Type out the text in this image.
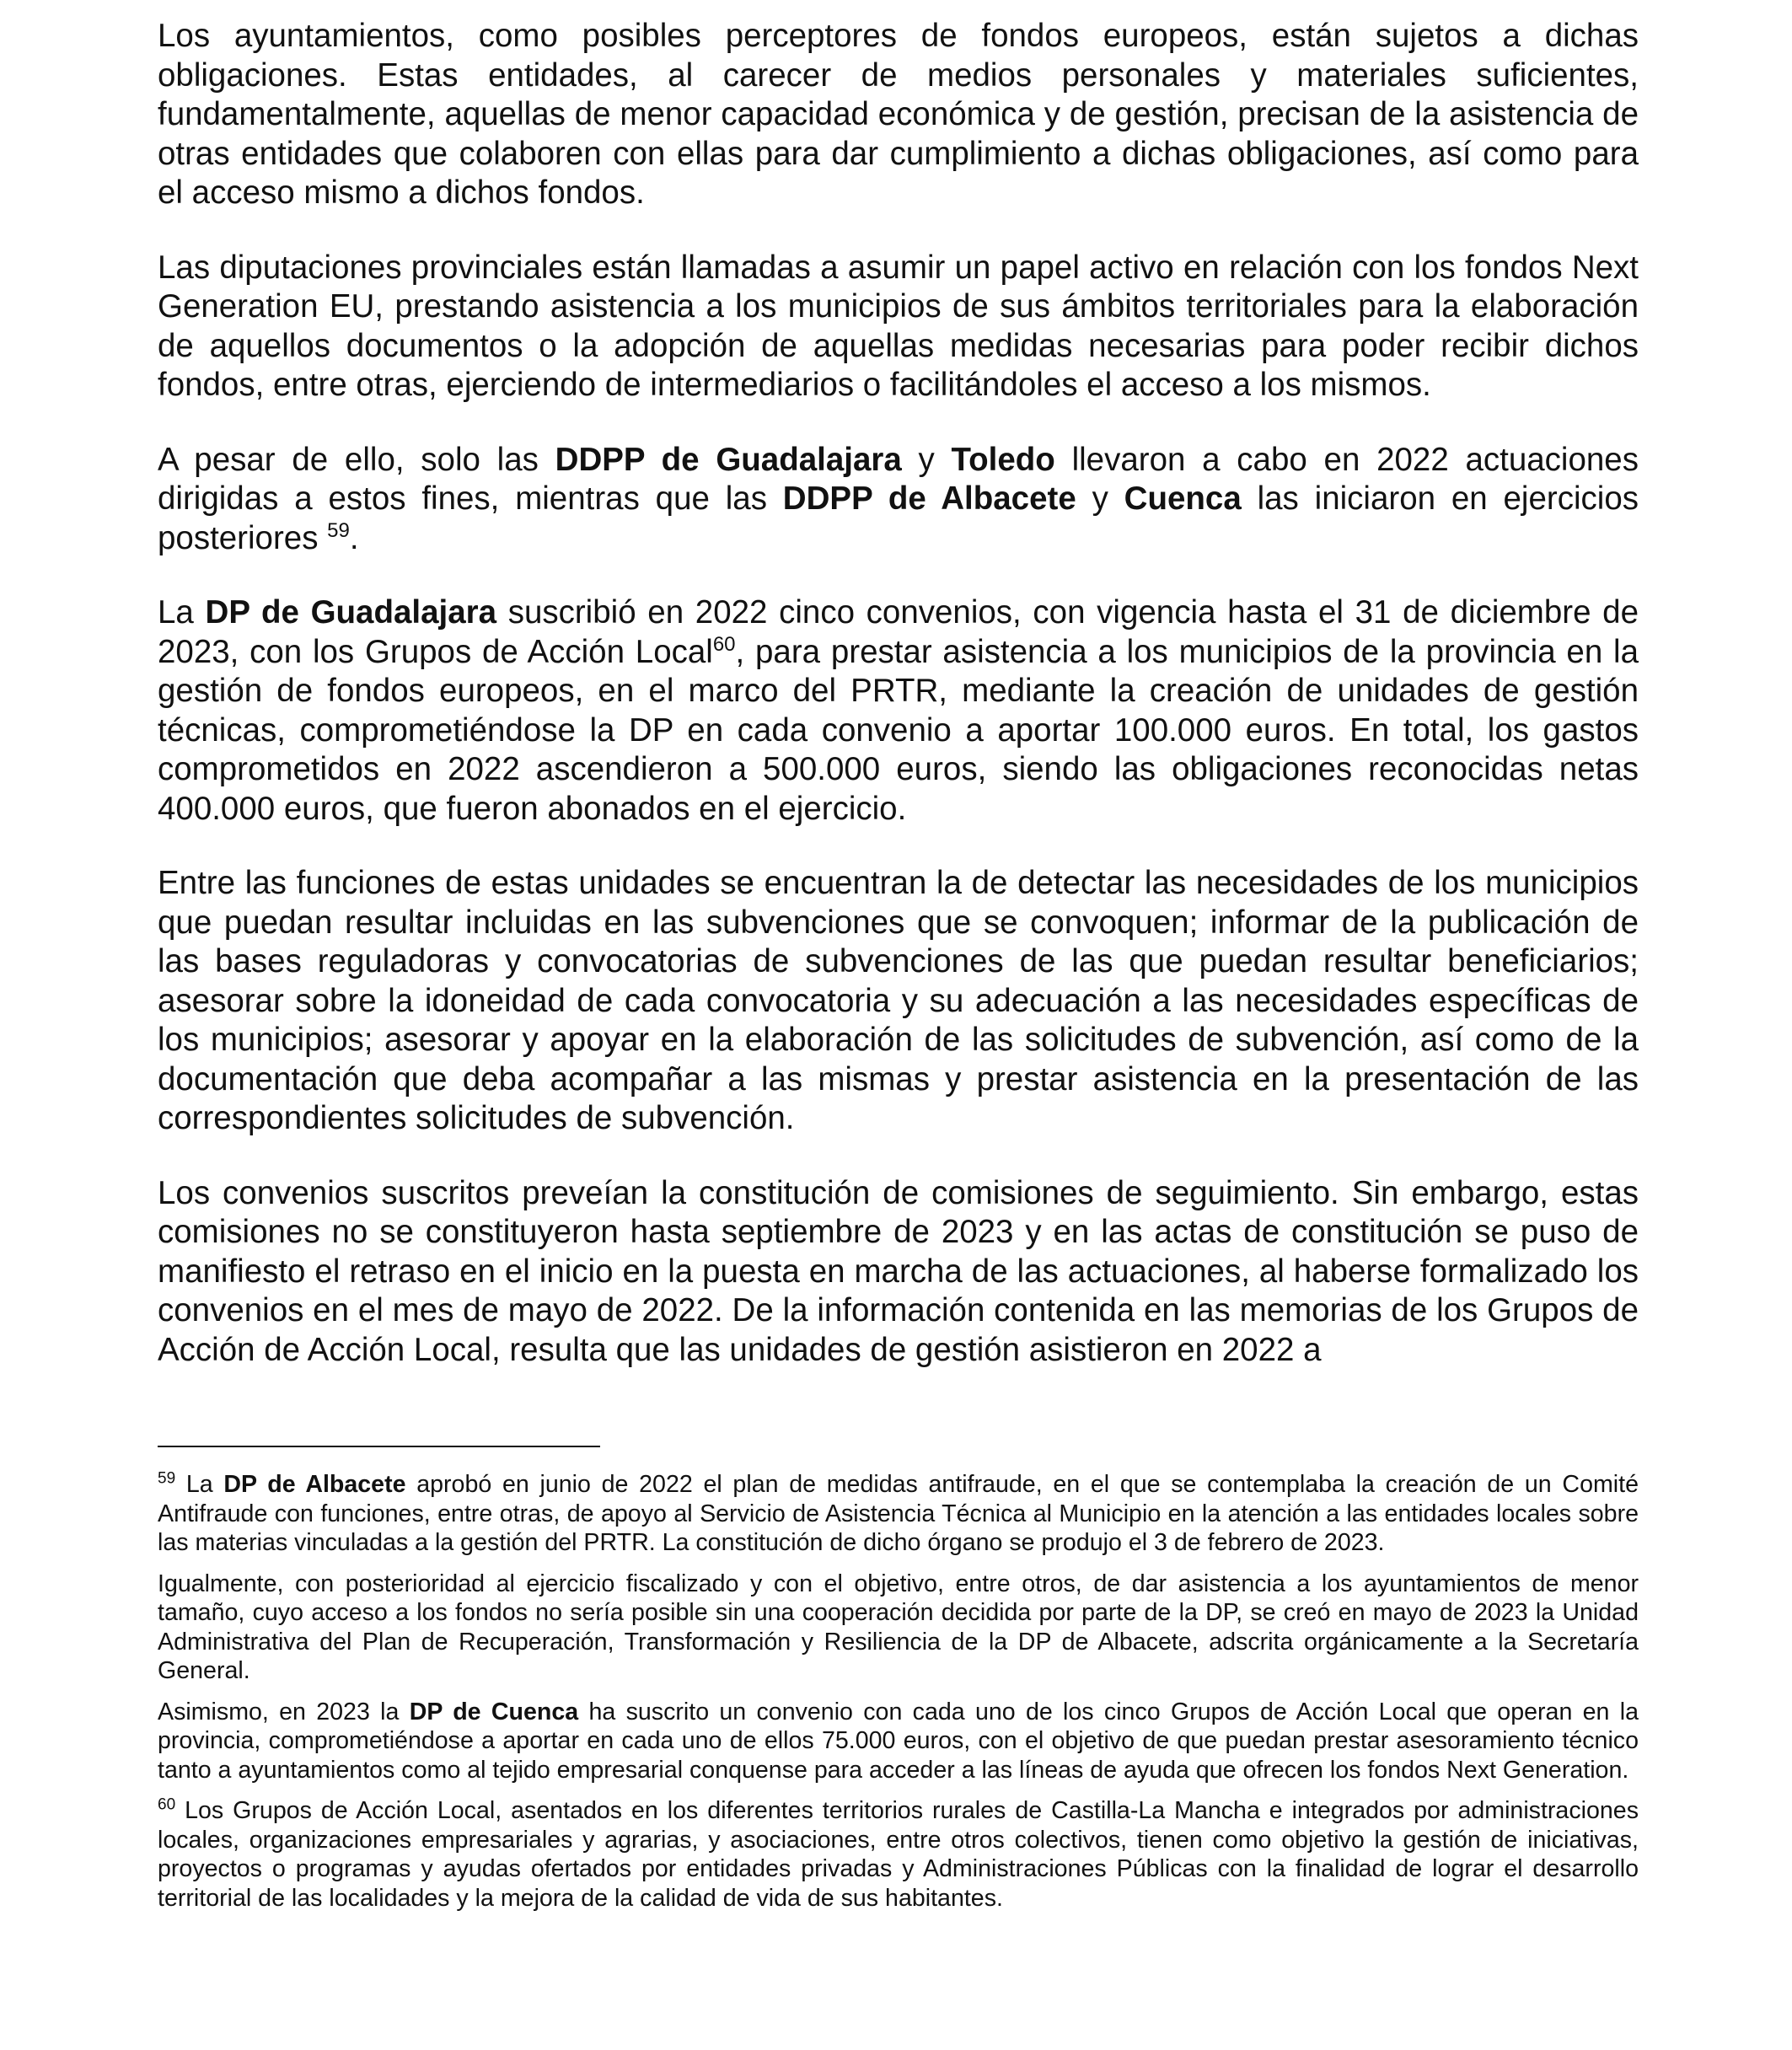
Los ayuntamientos, como posibles perceptores de fondos europeos, están sujetos a dichas obligaciones. Estas entidades, al carecer de medios personales y materiales suficientes, fundamentalmente, aquellas de menor capacidad económica y de gestión, precisan de la asistencia de otras entidades que colaboren con ellas para dar cumplimiento a dichas obligaciones, así como para el acceso mismo a dichos fondos.

Las diputaciones provinciales están llamadas a asumir un papel activo en relación con los fondos Next Generation EU, prestando asistencia a los municipios de sus ámbitos territoriales para la elaboración de aquellos documentos o la adopción de aquellas medidas necesarias para poder recibir dichos fondos, entre otras, ejerciendo de intermediarios o facilitándoles el acceso a los mismos.

A pesar de ello, solo las DDPP de Guadalajara y Toledo llevaron a cabo en 2022 actuaciones dirigidas a estos fines, mientras que las DDPP de Albacete y Cuenca las iniciaron en ejercicios posteriores $^{59}$.

La DP de Guadalajara suscribió en 2022 cinco convenios, con vigencia hasta el 31 de diciembre de 2023, con los Grupos de Acción Local$^{60}$, para prestar asistencia a los municipios de la provincia en la gestión de fondos europeos, en el marco del PRTR, mediante la creación de unidades de gestión técnicas, comprometiéndose la DP en cada convenio a aportar 100.000 euros. En total, los gastos comprometidos en 2022 ascendieron a 500.000 euros, siendo las obligaciones reconocidas netas 400.000 euros, que fueron abonados en el ejercicio.

Entre las funciones de estas unidades se encuentran la de detectar las necesidades de los municipios que puedan resultar incluidas en las subvenciones que se convoquen; informar de la publicación de las bases reguladoras y convocatorias de subvenciones de las que puedan resultar beneficiarios; asesorar sobre la idoneidad de cada convocatoria y su adecuación a las necesidades específicas de los municipios; asesorar y apoyar en la elaboración de las solicitudes de subvención, así como de la documentación que deba acompañar a las mismas y prestar asistencia en la presentación de las correspondientes solicitudes de subvención.

Los convenios suscritos preveían la constitución de comisiones de seguimiento. Sin embargo, estas comisiones no se constituyeron hasta septiembre de 2023 y en las actas de constitución se puso de manifiesto el retraso en el inicio en la puesta en marcha de las actuaciones, al haberse formalizado los convenios en el mes de mayo de 2022. De la información contenida en las memorias de los Grupos de Acción de Acción Local, resulta que las unidades de gestión asistieron en 2022 a

$^{59}$ La DP de Albacete aprobó en junio de 2022 el plan de medidas antifraude, en el que se contemplaba la creación de un Comité Antifraude con funciones, entre otras, de apoyo al Servicio de Asistencia Técnica al Municipio en la atención a las entidades locales sobre las materias vinculadas a la gestión del PRTR. La constitución de dicho órgano se produjo el 3 de febrero de 2023.

Igualmente, con posterioridad al ejercicio fiscalizado y con el objetivo, entre otros, de dar asistencia a los ayuntamientos de menor tamaño, cuyo acceso a los fondos no sería posible sin una cooperación decidida por parte de la DP, se creó en mayo de 2023 la Unidad Administrativa del Plan de Recuperación, Transformación y Resiliencia de la DP de Albacete, adscrita orgánicamente a la Secretaría General.

Asimismo, en 2023 la DP de Cuenca ha suscrito un convenio con cada uno de los cinco Grupos de Acción Local que operan en la provincia, comprometiéndose a aportar en cada uno de ellos 75.000 euros, con el objetivo de que puedan prestar asesoramiento técnico tanto a ayuntamientos como al tejido empresarial conquense para acceder a las líneas de ayuda que ofrecen los fondos Next Generation.

$^{60}$ Los Grupos de Acción Local, asentados en los diferentes territorios rurales de Castilla-La Mancha e integrados por administraciones locales, organizaciones empresariales y agrarias, y asociaciones, entre otros colectivos, tienen como objetivo la gestión de iniciativas, proyectos o programas y ayudas ofertados por entidades privadas y Administraciones Públicas con la finalidad de lograr el desarrollo territorial de las localidades y la mejora de la calidad de vida de sus habitantes.
